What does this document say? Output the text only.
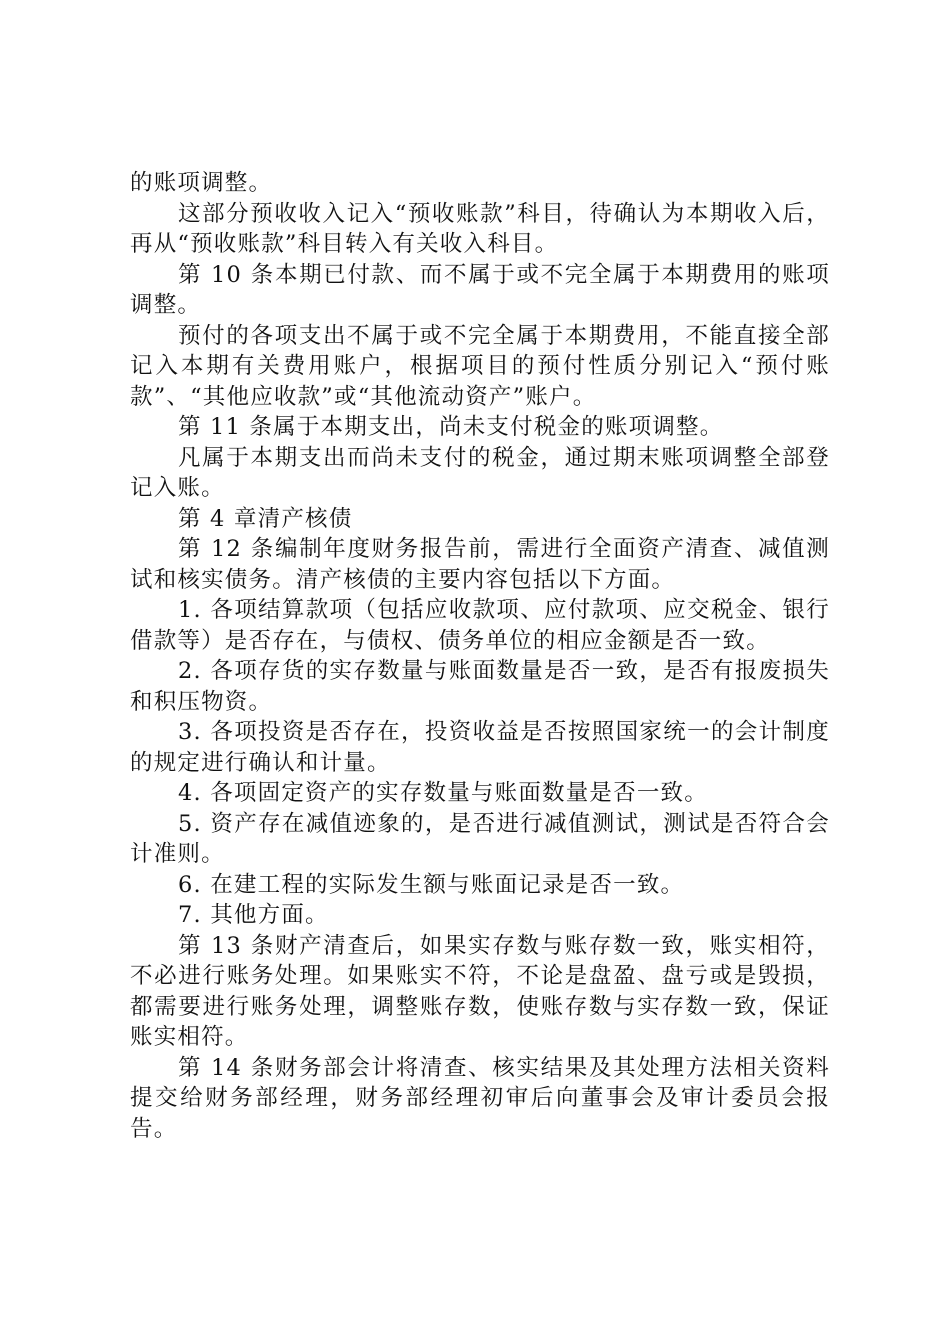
的账项调整。

这部分预收收入记入“预收账款”科目，待确认为本期收入后，再从“预收账款”科目转入有关收入科目。

第 10 条本期已付款、而不属于或不完全属于本期费用的账项调整。

预付的各项支出不属于或不完全属于本期费用，不能直接全部记入本期有关费用账户，根据项目的预付性质分别记入“预付账款”、“其他应收款”或“其他流动资产”账户。

第 11 条属于本期支出，尚未支付税金的账项调整。

凡属于本期支出而尚未支付的税金，通过期末账项调整全部登记入账。

第 4 章清产核债

第 12 条编制年度财务报告前，需进行全面资产清查、减值测试和核实债务。清产核债的主要内容包括以下方面。

1. 各项结算款项（包括应收款项、应付款项、应交税金、银行借款等）是否存在，与债权、债务单位的相应金额是否一致。

2. 各项存货的实存数量与账面数量是否一致，是否有报废损失和积压物资。

3. 各项投资是否存在，投资收益是否按照国家统一的会计制度的规定进行确认和计量。

4. 各项固定资产的实存数量与账面数量是否一致。

5. 资产存在减值迹象的，是否进行减值测试，测试是否符合会计准则。

6. 在建工程的实际发生额与账面记录是否一致。

7. 其他方面。

第 13 条财产清查后，如果实存数与账存数一致，账实相符，不必进行账务处理。如果账实不符，不论是盘盈、盘亏或是毁损，都需要进行账务处理，调整账存数，使账存数与实存数一致，保证账实相符。

第 14 条财务部会计将清查、核实结果及其处理方法相关资料提交给财务部经理，财务部经理初审后向董事会及审计委员会报告。
